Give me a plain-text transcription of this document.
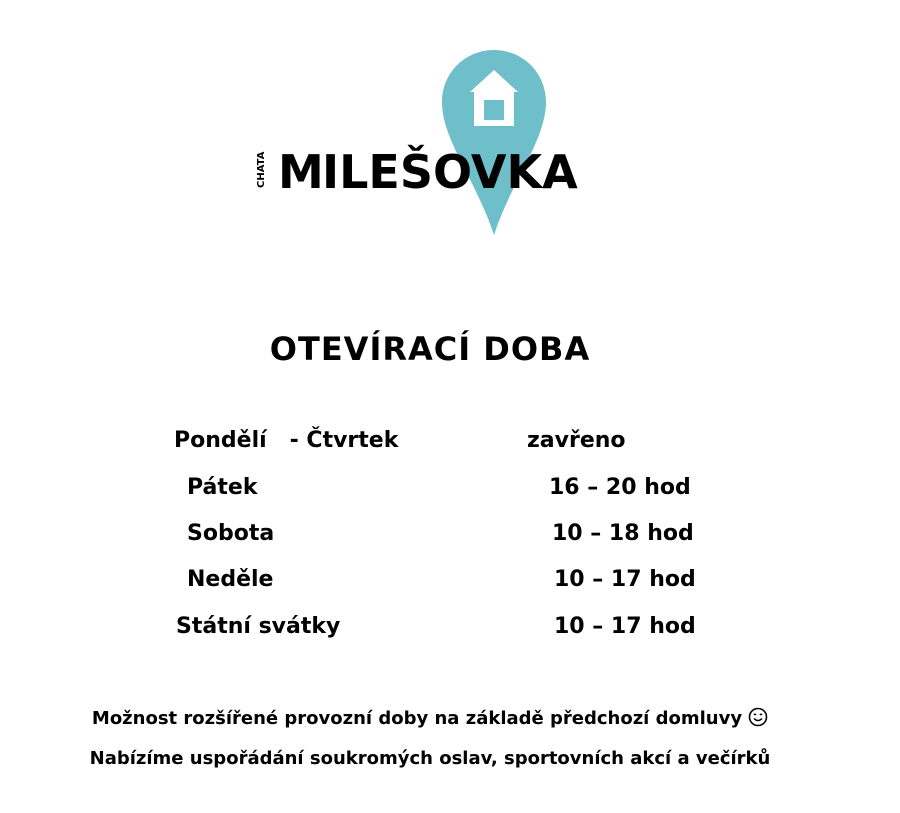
CHATA M
ILEŠOVKA
OTEVÍRACÍ DOBA
Pondělí   - Čtvrtek	zavřeno
Pátek	16 – 20 hod
Sobota	10 – 18 hod
Neděle	10 – 17 hod
Státní svátky	10 – 17 hod
Možnost rozšířené provozní doby na základě předchozí domluvy
Nabízíme uspořádání soukromých oslav, sportovních akcí a večírků
